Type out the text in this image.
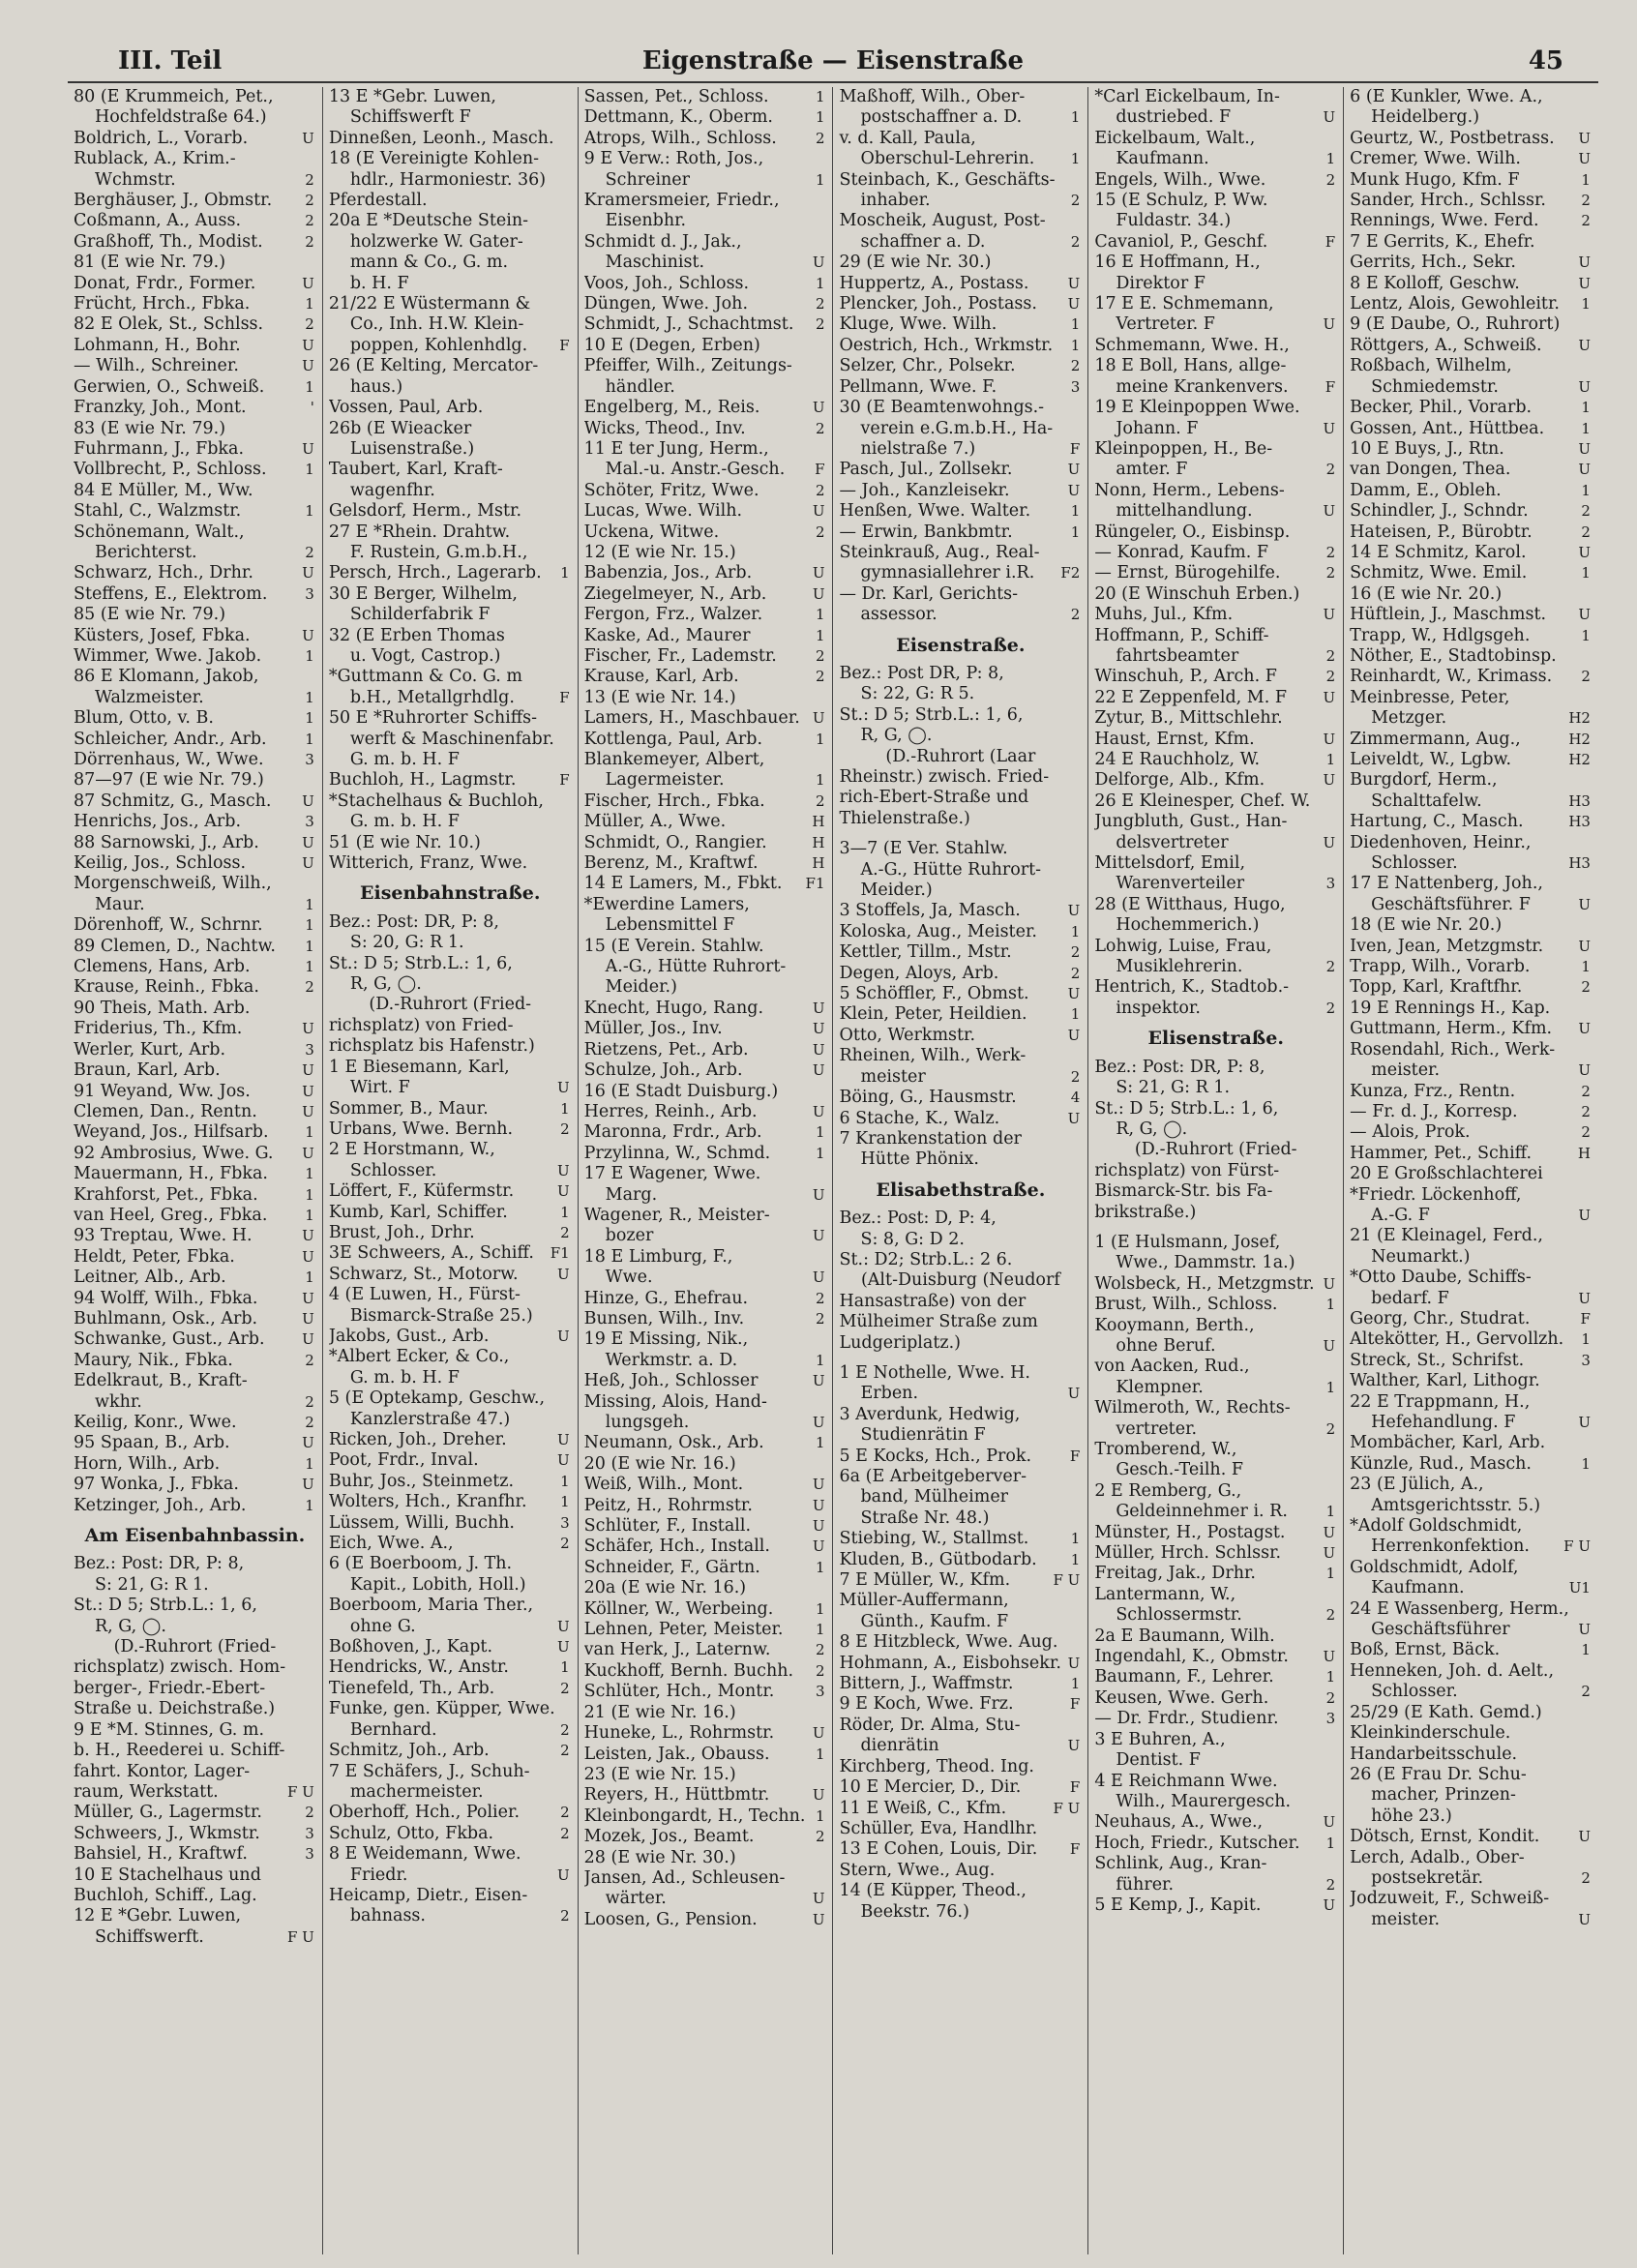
III. Teil	Eigenstraße — Eisenstraße	45
80 (E Krummeich, Pet.,
Hochfeldstraße 64.)
Boldrich, L., Vorarb.	U
Rublack, A., Krim.-
Wchmstr.	2
Berghäuser, J., Obmstr. 2
Coßmann, A., Auss.	2
Graßhoff, Th., Modist.	2
81 (E wie Nr. 79.)
Donat, Frdr., Former.	U
Frücht, Hrch., Fbka.	1
82 E Olek, St., Schlss.	2
Lohmann, H., Bohr.	U
— Wilh., Schreiner.	U
Gerwien, O., Schweiß.	1
Franzky, Joh., Mont.	'
83 (E wie Nr. 79.)
Fuhrmann, J., Fbka.	U
Vollbrecht, P., Schloss.	1
84 E Müller, M., Ww.
Stahl, C., Walzmstr.	1
Schönemann, Walt.,
Berichterst.	2
Schwarz, Hch., Drhr.	U
Steffens, E., Elektrom.	3
85 (E wie Nr. 79.)
Küsters, Josef, Fbka.	U
Wimmer, Wwe. Jakob.	1
86 E Klomann, Jakob,
Walzmeister.	1
Blum, Otto, v. B.	1
Schleicher, Andr., Arb.	1
Dörrenhaus, W., Wwe.	3
87—97 (E wie Nr. 79.)
87 Schmitz, G., Masch. U
Henrichs, Jos., Arb.	3
88 Sarnowski, J., Arb.	U
Keilig, Jos., Schloss.	U
Morgenschweiß, Wilh.,
Maur.	1
Dörenhoff, W., Schrnr.	1
89 Clemen, D., Nachtw. 1
Clemens, Hans, Arb.	1
Krause, Reinh., Fbka.	2
90 Theis, Math. Arb.
Friderius, Th., Kfm.	U
Werler, Kurt, Arb.	3
Braun, Karl, Arb.	U
91 Weyand, Ww. Jos.	U
Clemen, Dan., Rentn.	U
Weyand, Jos., Hilfsarb.	1
92 Ambrosius, Wwe. G. U
Mauermann, H., Fbka.	1
Krahforst, Pet., Fbka.	1
van Heel, Greg., Fbka.	1
93 Treptau, Wwe. H.	U
Heldt, Peter, Fbka.	U
Leitner, Alb., Arb.	1
94 Wolff, Wilh., Fbka.	U
Buhlmann, Osk., Arb.	U
Schwanke, Gust., Arb.	U
Maury, Nik., Fbka.	2
Edelkraut, B., Kraft-
wkhr.	2
Keilig, Konr., Wwe.	2
95 Spaan, B., Arb.	U
Horn, Wilh., Arb.	1
97 Wonka, J., Fbka.	U
Ketzinger, Joh., Arb.	1
Am Eisenbahnbassin.
Bez.: Post: DR, P: 8,
S: 21, G: R 1.
St.: D 5; Strb.L.: 1, 6,
R, G, ◯.
(D.-Ruhrort (Fried-
richsplatz) zwisch. Hom-
berger-, Friedr.-Ebert-
Straße u. Deichstraße.)
9 E *M. Stinnes, G. m.
b. H., Reederei u. Schiff-
fahrt. Kontor, Lager-
raum, Werkstatt.	F U
Müller, G., Lagermstr.	2
Schweers, J., Wkmstr.	3
Bahsiel, H., Kraftwf.	3
10 E Stachelhaus und
Buchloh, Schiff., Lag.
12 E *Gebr. Luwen,
Schiffswerft.	F U
13 E *Gebr. Luwen,
Schiffswerft F
Dinneßen, Leonh., Masch.
18 (E Vereinigte Kohlen-
hdlr., Harmoniestr. 36)
Pferdestall.
20a E *Deutsche Stein-
holzwerke W. Gater-
mann & Co., G. m.
b. H. F
21/22 E Wüstermann &
Co., Inh. H.W. Klein-
poppen, Kohlenhdlg. F
26 (E Kelting, Mercator-
haus.)
Vossen, Paul, Arb.
26b (E Wieacker
Luisenstraße.)
Taubert, Karl, Kraft-
wagenfhr.
Gelsdorf, Herm., Mstr.
27 E *Rhein. Drahtw.
F. Rustein, G.m.b.H.,
Persch, Hrch., Lagerarb. 1
30 E Berger, Wilhelm,
Schilderfabrik F
32 (E Erben Thomas
u. Vogt, Castrop.)
*Guttmann & Co. G. m
b.H., Metallgrhdlg.	F
50 E *Ruhrorter Schiffs-
werft & Maschinenfabr.
G. m. b. H. F
Buchloh, H., Lagmstr.	F
*Stachelhaus & Buchloh,
G. m. b. H. F
51 (E wie Nr. 10.)
Witterich, Franz, Wwe.
Eisenbahnstraße.
Bez.: Post: DR, P: 8,
S: 20, G: R 1.
St.: D 5; Strb.L.: 1, 6,
R, G, ◯.
(D.-Ruhrort (Fried-
richsplatz) von Fried-
richsplatz bis Hafenstr.)
1 E Biesemann, Karl,
Wirt. F	U
Sommer, B., Maur.	1
Urbans, Wwe. Bernh.	2
2 E Horstmann, W.,
Schlosser.	U
Löffert, F., Küfermstr.	U
Kumb, Karl, Schiffer.	1
Brust, Joh., Drhr.	2
3E Schweers, A., Schiff. F1
Schwarz, St., Motorw.	U
4 (E Luwen, H., Fürst-
Bismarck-Straße 25.)
Jakobs, Gust., Arb.	U
*Albert Ecker, & Co.,
G. m. b. H. F
5 (E Optekamp, Geschw.,
Kanzlerstraße 47.)
Ricken, Joh., Dreher.	U
Poot, Frdr., Inval.	U
Buhr, Jos., Steinmetz.	1
Wolters, Hch., Kranfhr. 1
Lüssem, Willi, Buchh.	3
Eich, Wwe. A.,	2
6 (E Boerboom, J. Th.
Kapit., Lobith, Holl.)
Boerboom, Maria Ther.,
ohne G.	U
Boßhoven, J., Kapt.	U
Hendricks, W., Anstr.	1
Tienefeld, Th., Arb.	2
Funke, gen. Küpper, Wwe.
Bernhard.	2
Schmitz, Joh., Arb.	2
7 E Schäfers, J., Schuh-
machermeister.
Oberhoff, Hch., Polier.	2
Schulz, Otto, Fkba.	2
8 E Weidemann, Wwe.
Friedr.	U
Heicamp, Dietr., Eisen-
bahnass.	2
Sassen, Pet., Schloss.	1
Dettmann, K., Oberm.	1
Atrops, Wilh., Schloss.	2
9 E Verw.: Roth, Jos.,
Schreiner	1
Kramersmeier, Friedr.,
Eisenbhr.
Schmidt d. J., Jak.,
Maschinist.	U
Voos, Joh., Schloss.	1
Düngen, Wwe. Joh.	2
Schmidt, J., Schachtmst. 2
10 E (Degen, Erben)
Pfeiffer, Wilh., Zeitungs-
händler.
Engelberg, M., Reis.	U
Wicks, Theod., Inv.	2
11 E ter Jung, Herm.,
Mal.-u. Anstr.-Gesch. F
Schöter, Fritz, Wwe.	2
Lucas, Wwe. Wilh.	U
Uckena, Witwe.	2
12 (E wie Nr. 15.)
Babenzia, Jos., Arb.	U
Ziegelmeyer, N., Arb.	U
Fergon, Frz., Walzer.	1
Kaske, Ad., Maurer	1
Fischer, Fr., Lademstr.	2
Krause, Karl, Arb.	2
13 (E wie Nr. 14.)
Lamers, H., Maschbauer. U
Kottlenga, Paul, Arb.	1
Blankemeyer, Albert,
Lagermeister.	1
Fischer, Hrch., Fbka.	2
Müller, A., Wwe.	H
Schmidt, O., Rangier.	H
Berenz, M., Kraftwf.	H
14 E Lamers, M., Fbkt. F1
*Ewerdine Lamers,
Lebensmittel F
15 (E Verein. Stahlw.
A.-G., Hütte Ruhrort-
Meider.)
Knecht, Hugo, Rang.	U
Müller, Jos., Inv.	U
Rietzens, Pet., Arb.	U
Schulze, Joh., Arb.	U
16 (E Stadt Duisburg.)
Herres, Reinh., Arb.	U
Maronna, Frdr., Arb.	1
Przylinna, W., Schmd.	1
17 E Wagener, Wwe.
Marg.	U
Wagener, R., Meister-
bozer	U
18 E Limburg, F.,
Wwe.	U
Hinze, G., Ehefrau.	2
Bunsen, Wilh., Inv.	2
19 E Missing, Nik.,
Werkmstr. a. D.	1
Heß, Joh., Schlosser	U
Missing, Alois, Hand-
lungsgeh.	U
Neumann, Osk., Arb.	1
20 (E wie Nr. 16.)
Weiß, Wilh., Mont.	U
Peitz, H., Rohrmstr.	U
Schlüter, F., Install.	U
Schäfer, Hch., Install.	U
Schneider, F., Gärtn.	1
20a (E wie Nr. 16.)
Köllner, W., Werbeing.	1
Lehnen, Peter, Meister. 1
van Herk, J., Laternw.	2
Kuckhoff, Bernh. Buchh. 2
Schlüter, Hch., Montr.	3
21 (E wie Nr. 16.)
Huneke, L., Rohrmstr.	U
Leisten, Jak., Obauss.	1
23 (E wie Nr. 15.)
Reyers, H., Hüttbmtr.	U
Kleinbongardt, H., Techn. 1
Mozek, Jos., Beamt.	2
28 (E wie Nr. 30.)
Jansen, Ad., Schleusen-
wärter.	U
Loosen, G., Pension.	U
Maßhoff, Wilh., Ober-
postschaffner a. D.	1
v. d. Kall, Paula,
Oberschul-Lehrerin. 1
Steinbach, K., Geschäfts-
inhaber.	2
Moscheik, August, Post-
schaffner a. D.	2
29 (E wie Nr. 30.)
Huppertz, A., Postass.	U
Plencker, Joh., Postass. U
Kluge, Wwe. Wilh.	1
Oestrich, Hch., Wrkmstr. 1
Selzer, Chr., Polsekr.	2
Pellmann, Wwe. F.	3
30 (E Beamtenwohngs.-
verein e.G.m.b.H., Ha-
nielstraße 7.)	F
Pasch, Jul., Zollsekr.	U
— Joh., Kanzleisekr.	U
Henßen, Wwe. Walter.	1
— Erwin, Bankbmtr.	1
Steinkrauß, Aug., Real-
gymnasiallehrer i.R. F2
— Dr. Karl, Gerichts-
assessor.	2
Eisenstraße.
Bez.: Post DR, P: 8,
S: 22, G: R 5.
St.: D 5; Strb.L.: 1, 6,
R, G, ◯.
(D.-Ruhrort (Laar
Rheinstr.) zwisch. Fried-
rich-Ebert-Straße und
Thielenstraße.)
3—7 (E Ver. Stahlw.
A.-G., Hütte Ruhrort-
Meider.)
3 Stoffels, Ja, Masch.	U
Koloska, Aug., Meister. 1
Kettler, Tillm., Mstr.	2
Degen, Aloys, Arb.	2
5 Schöffler, F., Obmst.	U
Klein, Peter, Heildien.	1
Otto, Werkmstr.	U
Rheinen, Wilh., Werk-
meister	2
Böing, G., Hausmstr.	4
6 Stache, K., Walz.	U
7 Krankenstation der
Hütte Phönix.
Elisabethstraße.
Bez.: Post: D, P: 4,
S: 8, G: D 2.
St.: D2; Strb.L.: 2 6.
(Alt-Duisburg (Neudorf
Hansastraße) von der
Mülheimer Straße zum
Ludgeriplatz.)
1 E Nothelle, Wwe. H.
Erben.	U
3 Averdunk, Hedwig,
Studienrätin F
5 E Kocks, Hch., Prok.	F
6a (E Arbeitgeberver-
band, Mülheimer
Straße Nr. 48.)
Stiebing, W., Stallmst.	1
Kluden, B., Gütbodarb. 1
7 E Müller, W., Kfm.	F U
Müller-Auffermann,
Günth., Kaufm. F
8 E Hitzbleck, Wwe. Aug.
Hohmann, A., Eisbohsekr. U
Bittern, J., Waffmstr.	1
9 E Koch, Wwe. Frz.	F
Röder, Dr. Alma, Stu-
dienrätin	U
Kirchberg, Theod. Ing.
10 E Mercier, D., Dir.	F
11 E Weiß, C., Kfm.	F U
Schüller, Eva, Handlhr.
13 E Cohen, Louis, Dir. F
Stern, Wwe., Aug.
14 (E Küpper, Theod.,
Beekstr. 76.)
*Carl Eickelbaum, In-
dustriebed. F	U
Eickelbaum, Walt.,
Kaufmann.	1
Engels, Wilh., Wwe.	2
15 (E Schulz, P. Ww.
Fuldastr. 34.)
Cavaniol, P., Geschf.	F
16 E Hoffmann, H.,
Direktor F
17 E E. Schmemann,
Vertreter. F	U
Schmemann, Wwe. H.,
18 E Boll, Hans, allge-
meine Krankenvers.	F
19 E Kleinpoppen Wwe.
Johann. F	U
Kleinpoppen, H., Be-
amter. F	2
Nonn, Herm., Lebens-
mittelhandlung.	U
Rüngeler, O., Eisbinsp.
— Konrad, Kaufm. F	2
— Ernst, Bürogehilfe.	2
20 (E Winschuh Erben.)
Muhs, Jul., Kfm.	U
Hoffmann, P., Schiff-
fahrtsbeamter	2
Winschuh, P., Arch. F	2
22 E Zeppenfeld, M. F	U
Zytur, B., Mittschlehr.
Haust, Ernst, Kfm.	U
24 E Rauchholz, W.	1
Delforge, Alb., Kfm.	U
26 E Kleinesper, Chef. W.
Jungbluth, Gust., Han-
delsvertreter	U
Mittelsdorf, Emil,
Warenverteiler	3
28 (E Witthaus, Hugo,
Hochemmerich.)
Lohwig, Luise, Frau,
Musiklehrerin.	2
Hentrich, K., Stadtob.-
inspektor.	2
Elisenstraße.
Bez.: Post: DR, P: 8,
S: 21, G: R 1.
St.: D 5; Strb.L.: 1, 6,
R, G, ◯.
(D.-Ruhrort (Fried-
richsplatz) von Fürst-
Bismarck-Str. bis Fa-
brikstraße.)
1 (E Hulsmann, Josef,
Wwe., Dammstr. 1a.)
Wolsbeck, H., Metzgmstr. U
Brust, Wilh., Schloss.	1
Kooymann, Berth.,
ohne Beruf.	U
von Aacken, Rud.,
Klempner.	1
Wilmeroth, W., Rechts-
vertreter.	2
Tromberend, W.,
Gesch.-Teilh. F
2 E Remberg, G.,
Geldeinnehmer i. R.	1
Münster, H., Postagst.	U
Müller, Hrch. Schlssr.	U
Freitag, Jak., Drhr.	1
Lantermann, W.,
Schlossermstr.	2
2a E Baumann, Wilh.
Ingendahl, K., Obmstr. U
Baumann, F., Lehrer.	1
Keusen, Wwe. Gerh.	2
— Dr. Frdr., Studienr.	3
3 E Buhren, A.,
Dentist. F
4 E Reichmann Wwe.
Wilh., Maurergesch.
Neuhaus, A., Wwe.,	U
Hoch, Friedr., Kutscher. 1
Schlink, Aug., Kran-
führer.	2
5 E Kemp, J., Kapit.	U
6 (E Kunkler, Wwe. A.,
Heidelberg.)
Geurtz, W., Postbetrass. U
Cremer, Wwe. Wilh.	U
Munk Hugo, Kfm. F	1
Sander, Hrch., Schlssr. 2
Rennings, Wwe. Ferd.	2
7 E Gerrits, K., Ehefr.
Gerrits, Hch., Sekr.	U
8 E Kolloff, Geschw.	U
Lentz, Alois, Gewohleitr. 1
9 (E Daube, O., Ruhrort)
Röttgers, A., Schweiß.	U
Roßbach, Wilhelm,
Schmiedemstr.	U
Becker, Phil., Vorarb.	1
Gossen, Ant., Hüttbea.	1
10 E Buys, J., Rtn.	U
van Dongen, Thea.	U
Damm, E., Obleh.	1
Schindler, J., Schndr.	2
Hateisen, P., Bürobtr.	2
14 E Schmitz, Karol.	U
Schmitz, Wwe. Emil.	1
16 (E wie Nr. 20.)
Hüftlein, J., Maschmst. U
Trapp, W., Hdlgsgeh.	1
Nöther, E., Stadtobinsp.
Reinhardt, W., Krimass. 2
Meinbresse, Peter,
Metzger.	H2
Zimmermann, Aug.,	H2
Leiveldt, W., Lgbw.	H2
Burgdorf, Herm.,
Schalttafelw.	H3
Hartung, C., Masch.	H3
Diedenhoven, Heinr.,
Schlosser.	H3
17 E Nattenberg, Joh.,
Geschäftsführer. F	U
18 (E wie Nr. 20.)
Iven, Jean, Metzgmstr. U
Trapp, Wilh., Vorarb.	1
Topp, Karl, Kraftfhr.	2
19 E Rennings H., Kap.
Guttmann, Herm., Kfm. U
Rosendahl, Rich., Werk-
meister.	U
Kunza, Frz., Rentn.	2
— Fr. d. J., Korresp.	2
— Alois, Prok.	2
Hammer, Pet., Schiff.	H
20 E Großschlachterei
*Friedr. Löckenhoff,
A.-G. F	U
21 (E Kleinagel, Ferd.,
Neumarkt.)
*Otto Daube, Schiffs-
bedarf. F	U
Georg, Chr., Studrat.	F
Altekötter, H., Gervollzh. 1
Streck, St., Schrifst.	3
Walther, Karl, Lithogr.
22 E Trappmann, H.,
Hefehandlung. F	U
Mombächer, Karl, Arb.
Künzle, Rud., Masch.	1
23 (E Jülich, A.,
Amtsgerichtsstr. 5.)
*Adolf Goldschmidt,
Herrenkonfektion. F U
Goldschmidt, Adolf,
Kaufmann.	U1
24 E Wassenberg, Herm.,
Geschäftsführer	U
Boß, Ernst, Bäck.	1
Henneken, Joh. d. Aelt.,
Schlosser.	2
25/29 (E Kath. Gemd.)
Kleinkinderschule.
Handarbeitsschule.
26 (E Frau Dr. Schu-
macher, Prinzen-
höhe 23.)
Dötsch, Ernst, Kondit.	U
Lerch, Adalb., Ober-
postsekretär.	2
Jodzuweit, F., Schweiß-
meister.	U
